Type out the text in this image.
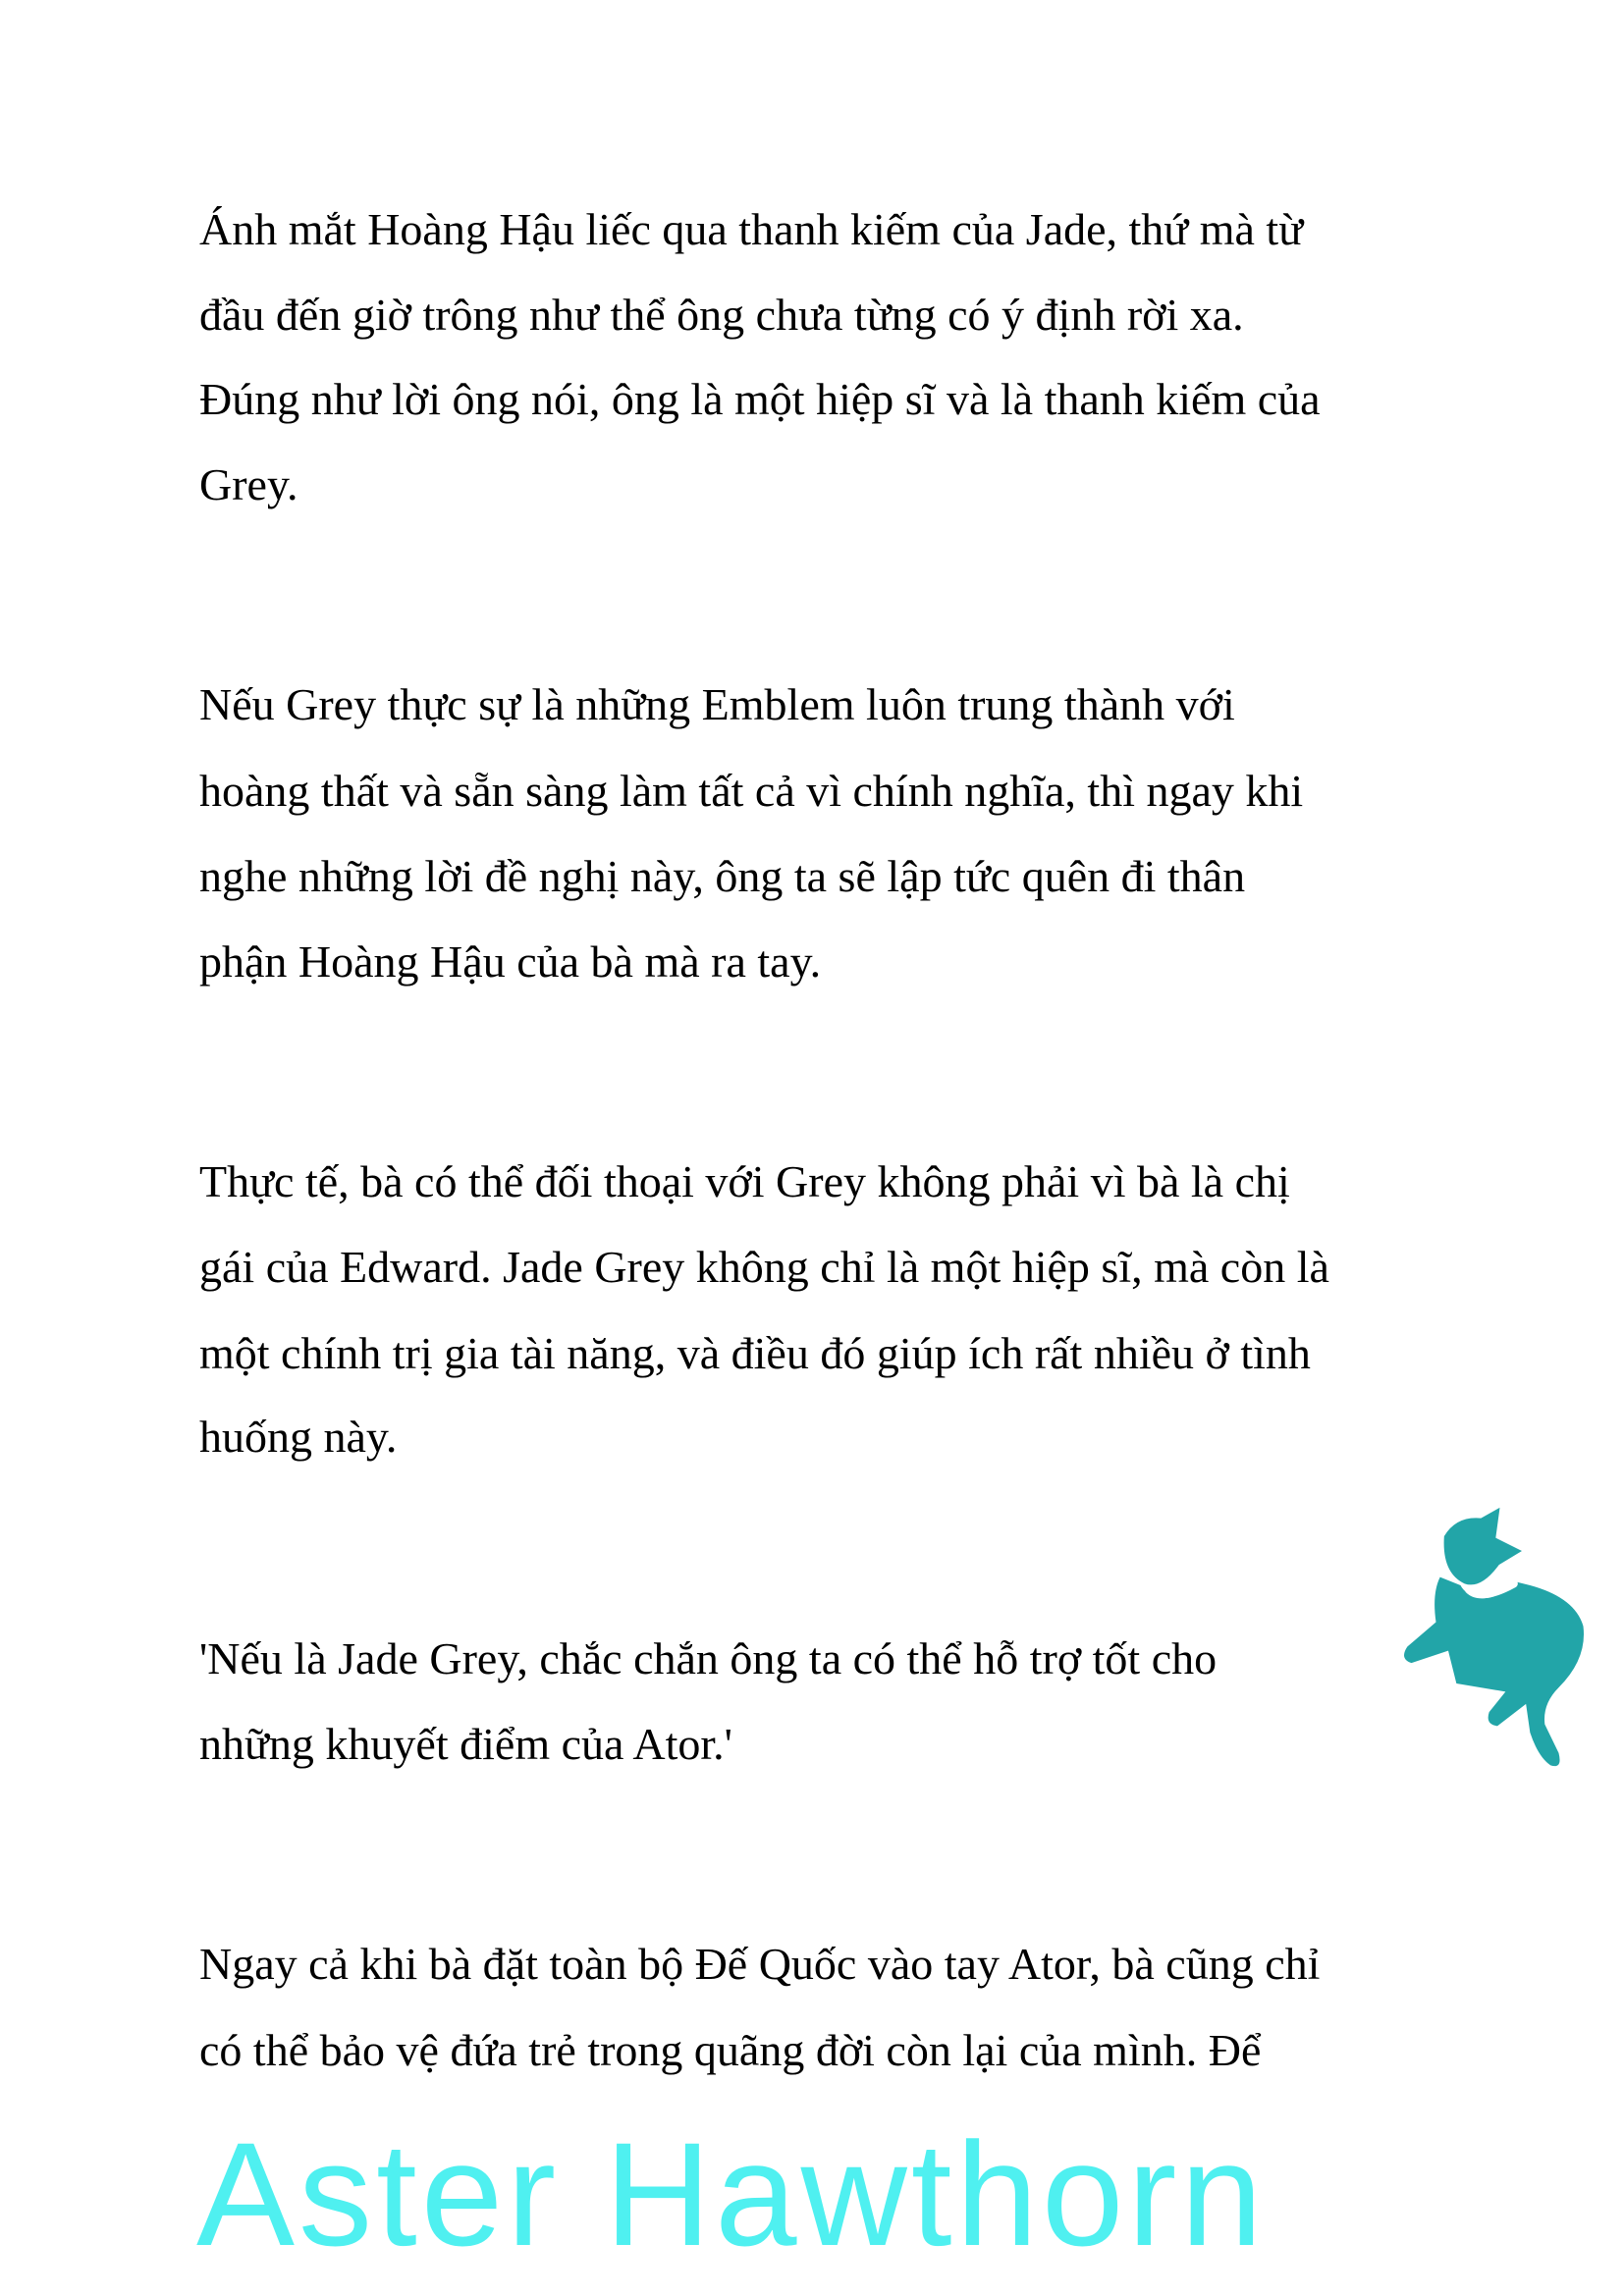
Aster Hawthorn
Ánh mắt Hoàng Hậu liếc qua thanh kiếm của Jade, thứ mà từ
đầu đến giờ trông như thể ông chưa từng có ý định rời xa.
Đúng như lời ông nói, ông là một hiệp sĩ và là thanh kiếm của
Grey.
Nếu Grey thực sự là những Emblem luôn trung thành với
hoàng thất và sẵn sàng làm tất cả vì chính nghĩa, thì ngay khi
nghe những lời đề nghị này, ông ta sẽ lập tức quên đi thân
phận Hoàng Hậu của bà mà ra tay.
Thực tế, bà có thể đối thoại với Grey không phải vì bà là chị
gái của Edward. Jade Grey không chỉ là một hiệp sĩ, mà còn là
một chính trị gia tài năng, và điều đó giúp ích rất nhiều ở tình
huống này.
'Nếu là Jade Grey, chắc chắn ông ta có thể hỗ trợ tốt cho
những khuyết điểm của Ator.'
Ngay cả khi bà đặt toàn bộ Đế Quốc vào tay Ator, bà cũng chỉ
có thể bảo vệ đứa trẻ trong quãng đời còn lại của mình. Để
